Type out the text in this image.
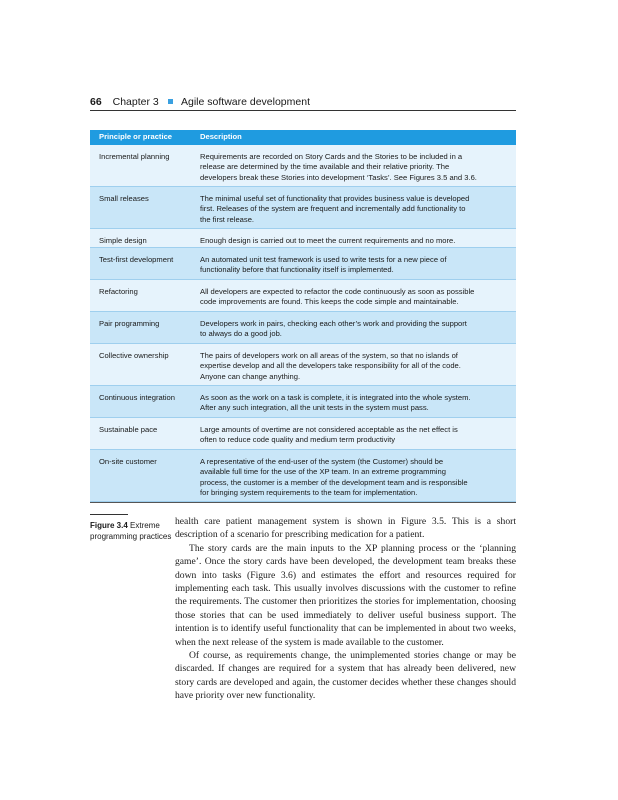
66 Chapter 3 Agile software development
Principle or practice	Description
Incremental planning	Requirements are recorded on Story Cards and the Stories to be included in a
release are determined by the time available and their relative priority. The
developers break these Stories into development ‘Tasks’. See Figures 3.5 and 3.6.
Small releases	The minimal useful set of functionality that provides business value is developed
first. Releases of the system are frequent and incrementally add functionality to
the first release.
Simple design	Enough design is carried out to meet the current requirements and no more.
Test-first development	An automated unit test framework is used to write tests for a new piece of
functionality before that functionality itself is implemented.
Refactoring	All developers are expected to refactor the code continuously as soon as possible
code improvements are found. This keeps the code simple and maintainable.
Pair programming	Developers work in pairs, checking each other’s work and providing the support
to always do a good job.
Collective ownership	The pairs of developers work on all areas of the system, so that no islands of
expertise develop and all the developers take responsibility for all of the code.
Anyone can change anything.
Continuous integration	As soon as the work on a task is complete, it is integrated into the whole system.
After any such integration, all the unit tests in the system must pass.
Sustainable pace	Large amounts of overtime are not considered acceptable as the net effect is
often to reduce code quality and medium term productivity
On-site customer	A representative of the end-user of the system (the Customer) should be
available full time for the use of the XP team. In an extreme programming
process, the customer is a member of the development team and is responsible
for bringing system requirements to the team for implementation.
Figure 3.4 Extreme programming practices

health care patient management system is shown in Figure 3.5. This is a short description of a scenario for prescribing medication for a patient.

The story cards are the main inputs to the XP planning process or the ‘planning game’. Once the story cards have been developed, the development team breaks these down into tasks (Figure 3.6) and estimates the effort and resources required for implementing each task. This usually involves discussions with the customer to refine the requirements. The customer then prioritizes the stories for implementation, choosing those stories that can be used immediately to deliver useful business support. The intention is to identify useful functionality that can be implemented in about two weeks, when the next release of the system is made available to the customer.

Of course, as requirements change, the unimplemented stories change or may be discarded. If changes are required for a system that has already been delivered, new story cards are developed and again, the customer decides whether these changes should have priority over new functionality.
